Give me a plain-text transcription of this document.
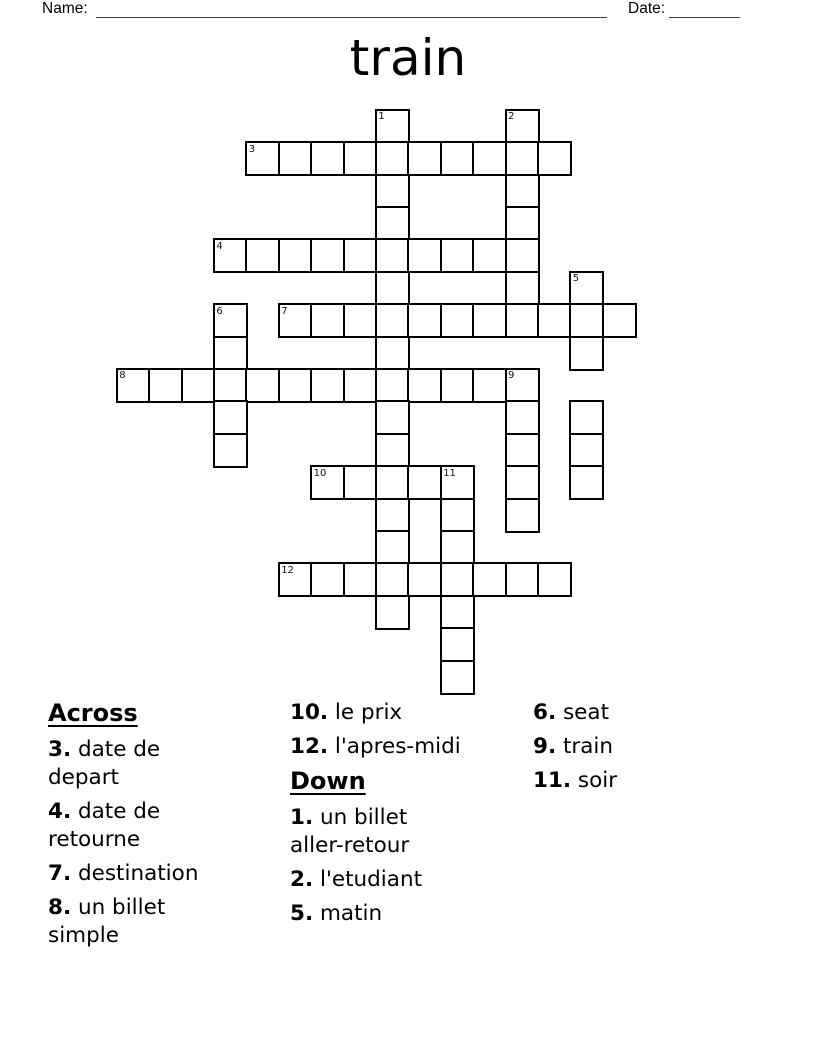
Name:	Date:
train
1	2
3
4
5
6	7
8	9
10	11
12
Across
3. date de
depart
4. date de
retourne
7. destination
8. un billet
simple
10. le prix
12. l'apres-midi
Down
1. un billet
aller-retour
2. l'etudiant
5. matin
6. seat
9. train
11. soir
